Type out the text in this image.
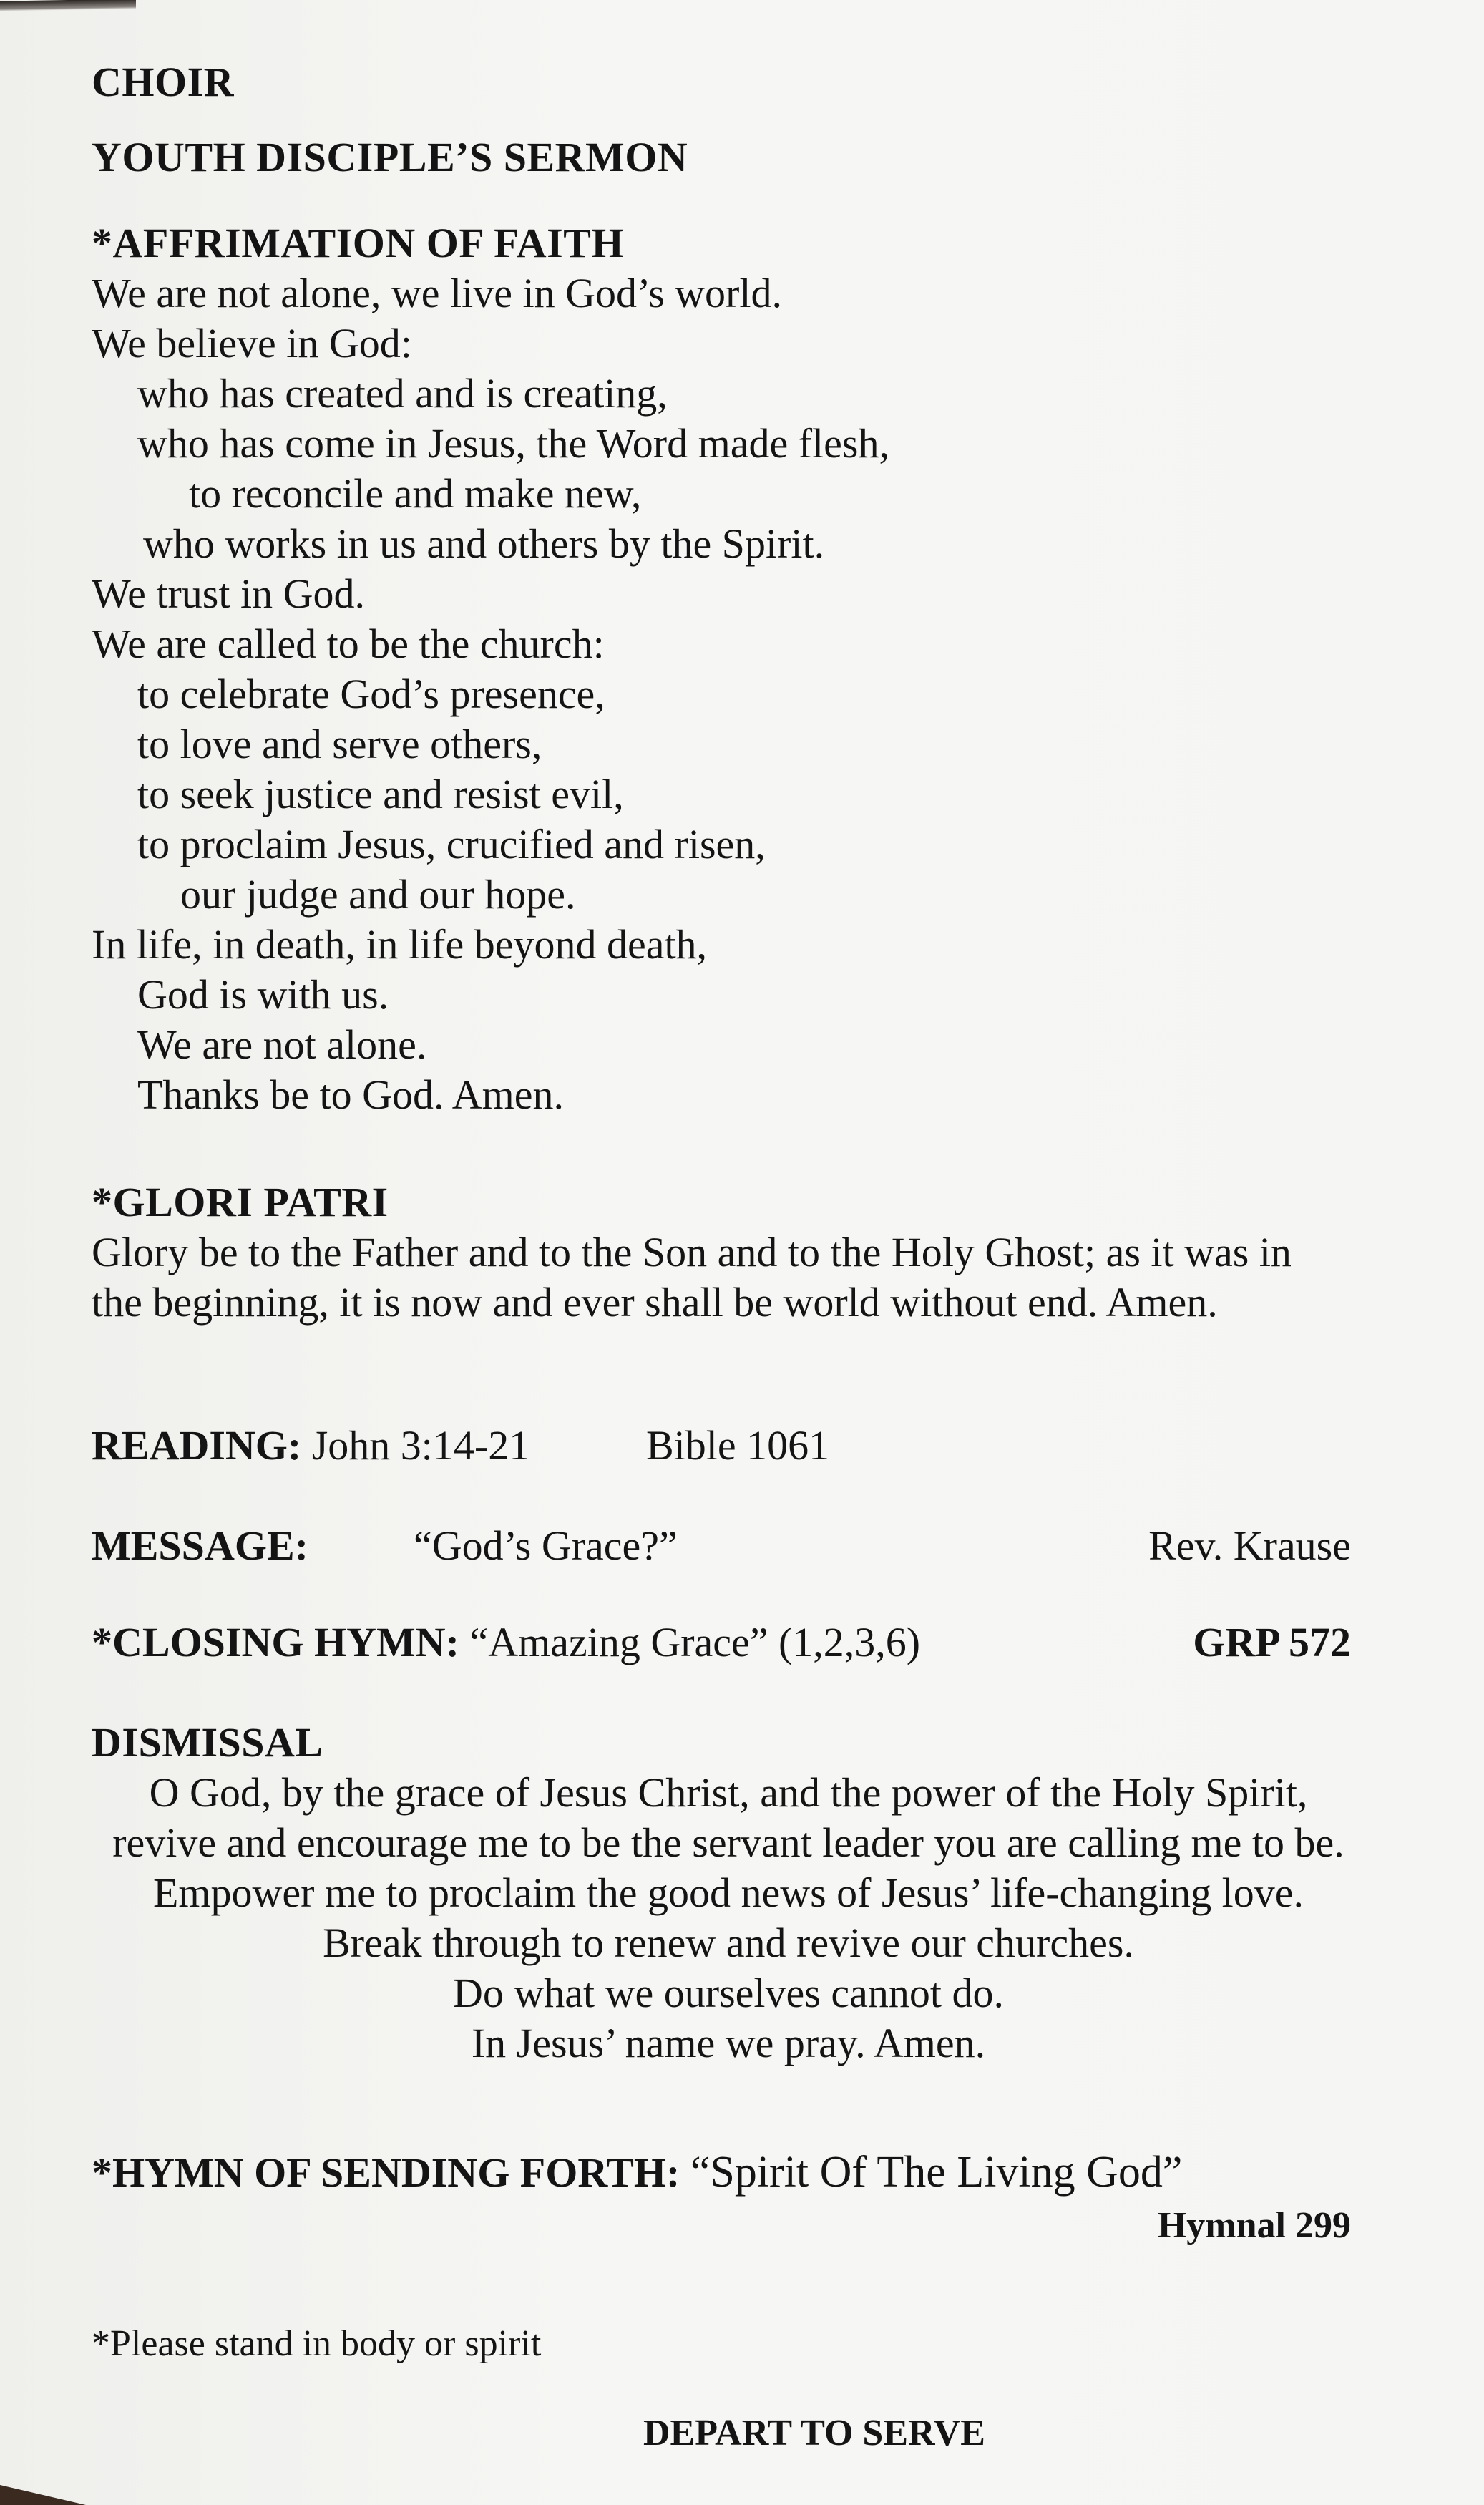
CHOIR
YOUTH DISCIPLE’S SERMON
*AFFRIMATION OF FAITH
We are not alone, we live in God’s world.
We believe in God:
who has created and is creating,
who has come in Jesus, the Word made flesh,
to reconcile and make new,
who works in us and others by the Spirit.
We trust in God.
We are called to be the church:
to celebrate God’s presence,
to love and serve others,
to seek justice and resist evil,
to proclaim Jesus, crucified and risen,
our judge and our hope.
In life, in death, in life beyond death,
God is with us.
We are not alone.
Thanks be to God. Amen.
*GLORI PATRI
Glory be to the Father and to the Son and to the Holy Ghost; as it was in
the beginning, it is now and ever shall be world without end. Amen.
READING: John 3:14-21	Bible 1061
MESSAGE:	“God’s Grace?”	Rev. Krause
*CLOSING HYMN: “Amazing Grace” (1,2,3,6)	GRP 572
DISMISSAL
O God, by the grace of Jesus Christ, and the power of the Holy Spirit,
revive and encourage me to be the servant leader you are calling me to be.
Empower me to proclaim the good news of Jesus’ life-changing love.
Break through to renew and revive our churches.
Do what we ourselves cannot do.
In Jesus’ name we pray. Amen.
*HYMN OF SENDING FORTH: “Spirit Of The Living God”
Hymnal 299
*Please stand in body or spirit
DEPART TO SERVE
